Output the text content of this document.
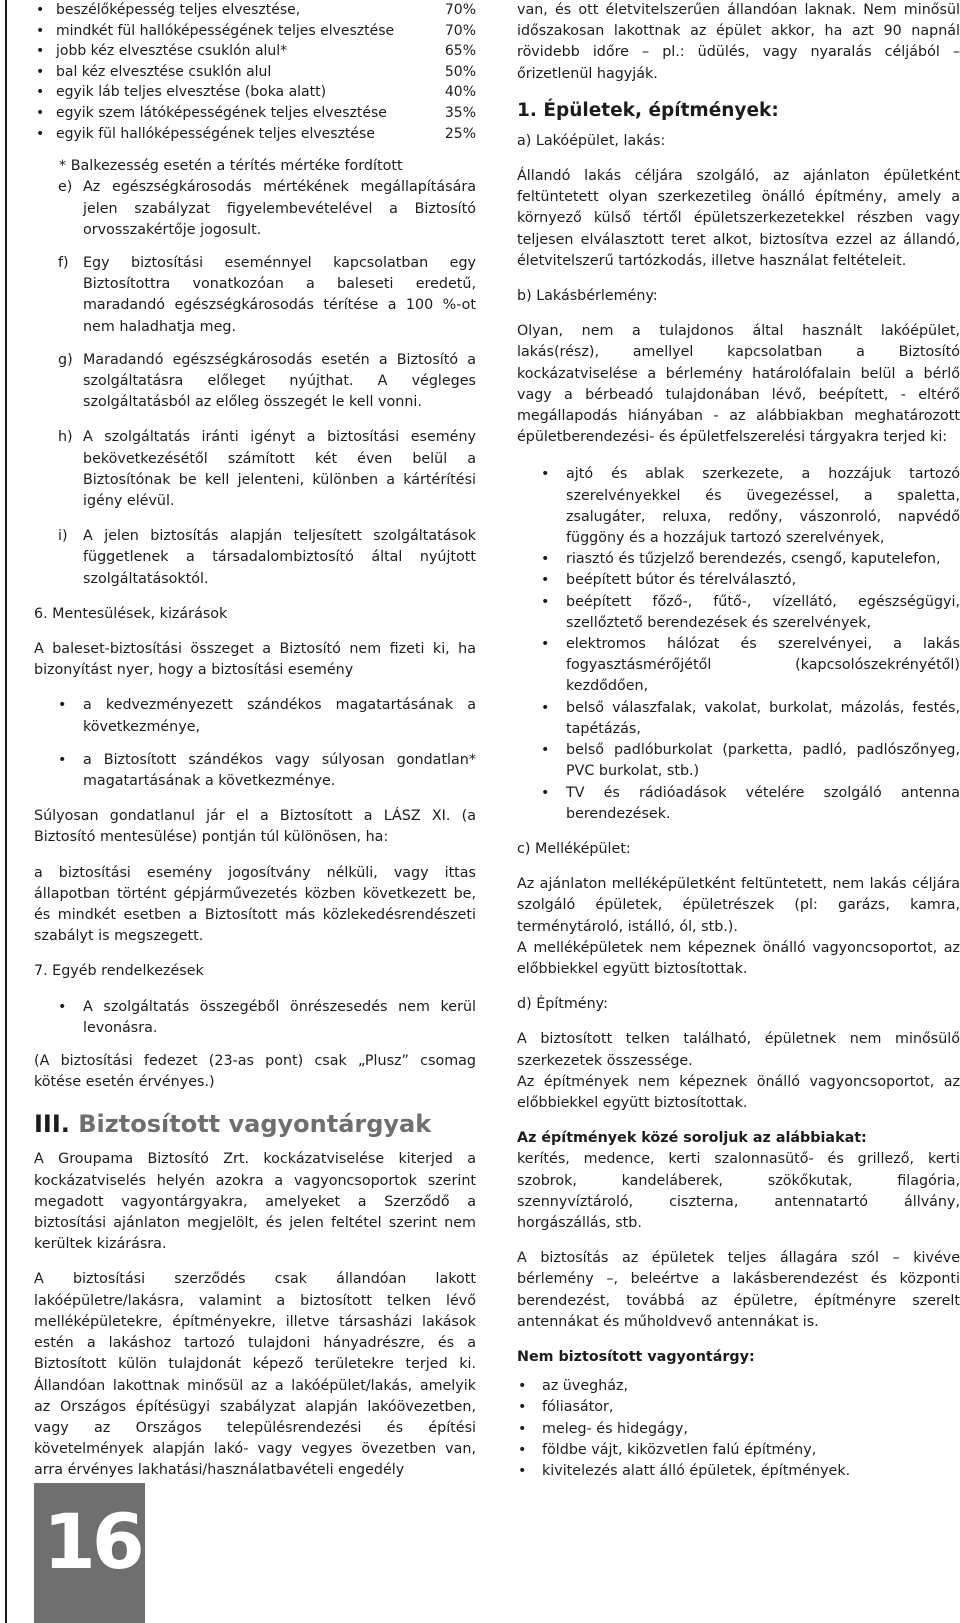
• beszélőképesség teljes elvesztése,	70%
• mindkét fül hallóképességének teljes elvesztése	70%
• jobb kéz elvesztése csuklón alul*	65%
• bal kéz elvesztése csuklón alul	50%
• egyik láb teljes elvesztése (boka alatt)	40%
• egyik szem látóképességének teljes elvesztése	35%
• egyik fül hallóképességének teljes elvesztése	25%

* Balkezesség esetén a térítés mértéke fordított

e) Az egészségkárosodás mértékének megállapítására jelen szabályzat figyelembevételével a Biztosító orvosszakértője jogosult.
f) Egy biztosítási eseménnyel kapcsolatban egy Biztosítottra vonatkozóan a baleseti eredetű, maradandó egészségkárosodás térítése a 100 %-ot nem haladhatja meg.
g) Maradandó egészségkárosodás esetén a Biztosító a szolgáltatásra előleget nyújthat. A végleges szolgáltatásból az előleg összegét le kell vonni.
h) A szolgáltatás iránti igényt a biztosítási esemény bekövetkezésétől számított két éven belül a Biztosítónak be kell jelenteni, különben a kártérítési igény elévül.
i) A jelen biztosítás alapján teljesített szolgáltatások függetlenek a társadalombiztosító által nyújtott szolgáltatásoktól.

6. Mentesülések, kizárások

A baleset-biztosítási összeget a Biztosító nem fizeti ki, ha bizonyítást nyer, hogy a biztosítási esemény

• a kedvezményezett szándékos magatartásának a következménye,
• a Biztosított szándékos vagy súlyosan gondatlan* magatartásának a következménye.

Súlyosan gondatlanul jár el a Biztosított a LÁSZ XI. (a Biztosító mentesülése) pontján túl különösen, ha:

a biztosítási esemény jogosítvány nélküli, vagy ittas állapotban történt gépjárművezetés közben következett be, és mindkét esetben a Biztosított más közlekedésrendészeti szabályt is megszegett.

7. Egyéb rendelkezések

• A szolgáltatás összegéből önrészesedés nem kerül levonásra.

(A biztosítási fedezet (23-as pont) csak „Plusz” csomag kötése esetén érvényes.)

III. Biztosított vagyontárgyak

A Groupama Biztosító Zrt. kockázatviselése kiterjed a kockázatviselés helyén azokra a vagyoncsoportok szerint megadott vagyontárgyakra, amelyeket a Szerződő a biztosítási ajánlaton megjelölt, és jelen feltétel szerint nem kerültek kizárásra.

A biztosítási szerződés csak állandóan lakott lakóépületre/lakásra, valamint a biztosított telken lévő melléképületekre, építményekre, illetve társasházi lakások estén a lakáshoz tartozó tulajdoni hányadrészre, és a Biztosított külön tulajdonát képező területekre terjed ki. Állandóan lakottnak minősül az a lakóépület/lakás, amelyik az Országos építésügyi szabályzat alapján lakóövezetben, vagy az Országos településrendezési és építési követelmények alapján lakó- vagy vegyes övezetben van, arra érvényes lakhatási/használatbavételi engedély

16

van, és ott életvitelszerűen állandóan laknak. Nem minősül időszakosan lakottnak az épület akkor, ha azt 90 napnál rövidebb időre – pl.: üdülés, vagy nyaralás céljából – őrizetlenül hagyják.

1. Épületek, építmények:

a) Lakóépület, lakás:

Állandó lakás céljára szolgáló, az ajánlaton épületként feltüntetett olyan szerkezetileg önálló építmény, amely a környező külső tértől épületszerkezetekkel részben vagy teljesen elválasztott teret alkot, biztosítva ezzel az állandó, életvitelszerű tartózkodás, illetve használat feltételeit.

b) Lakásbérlemény:

Olyan, nem a tulajdonos által használt lakóépület, lakás(rész), amellyel kapcsolatban a Biztosító kockázatviselése a bérlemény határolófalain belül a bérlő vagy a bérbeadó tulajdonában lévő, beépített, - eltérő megállapodás hiányában - az alábbiakban meghatározott épületberendezési- és épületfelszerelési tárgyakra terjed ki:

• ajtó és ablak szerkezete, a hozzájuk tartozó szerelvényekkel és üvegezéssel, a spaletta, zsalugáter, reluxa, redőny, vászonroló, napvédő függöny és a hozzájuk tartozó szerelvények,
• riasztó és tűzjelző berendezés, csengő, kaputelefon,
• beépített bútor és térelválasztó,
• beépített főző-, fűtő-, vízellátó, egészségügyi, szellőztető berendezések és szerelvények,
• elektromos hálózat és szerelvényei, a lakás fogyasztásmérőjétől (kapcsolószekrényétől) kezdődően,
• belső válaszfalak, vakolat, burkolat, mázolás, festés, tapétázás,
• belső padlóburkolat (parketta, padló, padlószőnyeg, PVC burkolat, stb.)
• TV és rádióadások vételére szolgáló antenna berendezések.

c) Melléképület:

Az ajánlaton melléképületként feltüntetett, nem lakás céljára szolgáló épületek, épületrészek (pl: garázs, kamra, terménytároló, istálló, ól, stb.).

A melléképületek nem képeznek önálló vagyoncsoportot, az előbbiekkel együtt biztosítottak.

d) Építmény:

A biztosított telken található, épületnek nem minősülő szerkezetek összessége.

Az építmények nem képeznek önálló vagyoncsoportot, az előbbiekkel együtt biztosítottak.

Az építmények közé soroljuk az alábbiakat:

kerítés, medence, kerti szalonnasütő- és grillező, kerti szobrok, kandeláberek, szökőkutak, filagória, szennyvíztároló, ciszterna, antennatartó állvány, horgászállás, stb.

A biztosítás az épületek teljes állagára szól – kivéve bérlemény –, beleértve a lakásberendezést és központi berendezést, továbbá az épületre, építményre szerelt antennákat és műholdvevő antennákat is.

Nem biztosított vagyontárgy:

• az üvegház,
• fóliasátor,
• meleg- és hidegágy,
• földbe vájt, kiközvetlen falú építmény,
• kivitelezés alatt álló épületek, építmények.
